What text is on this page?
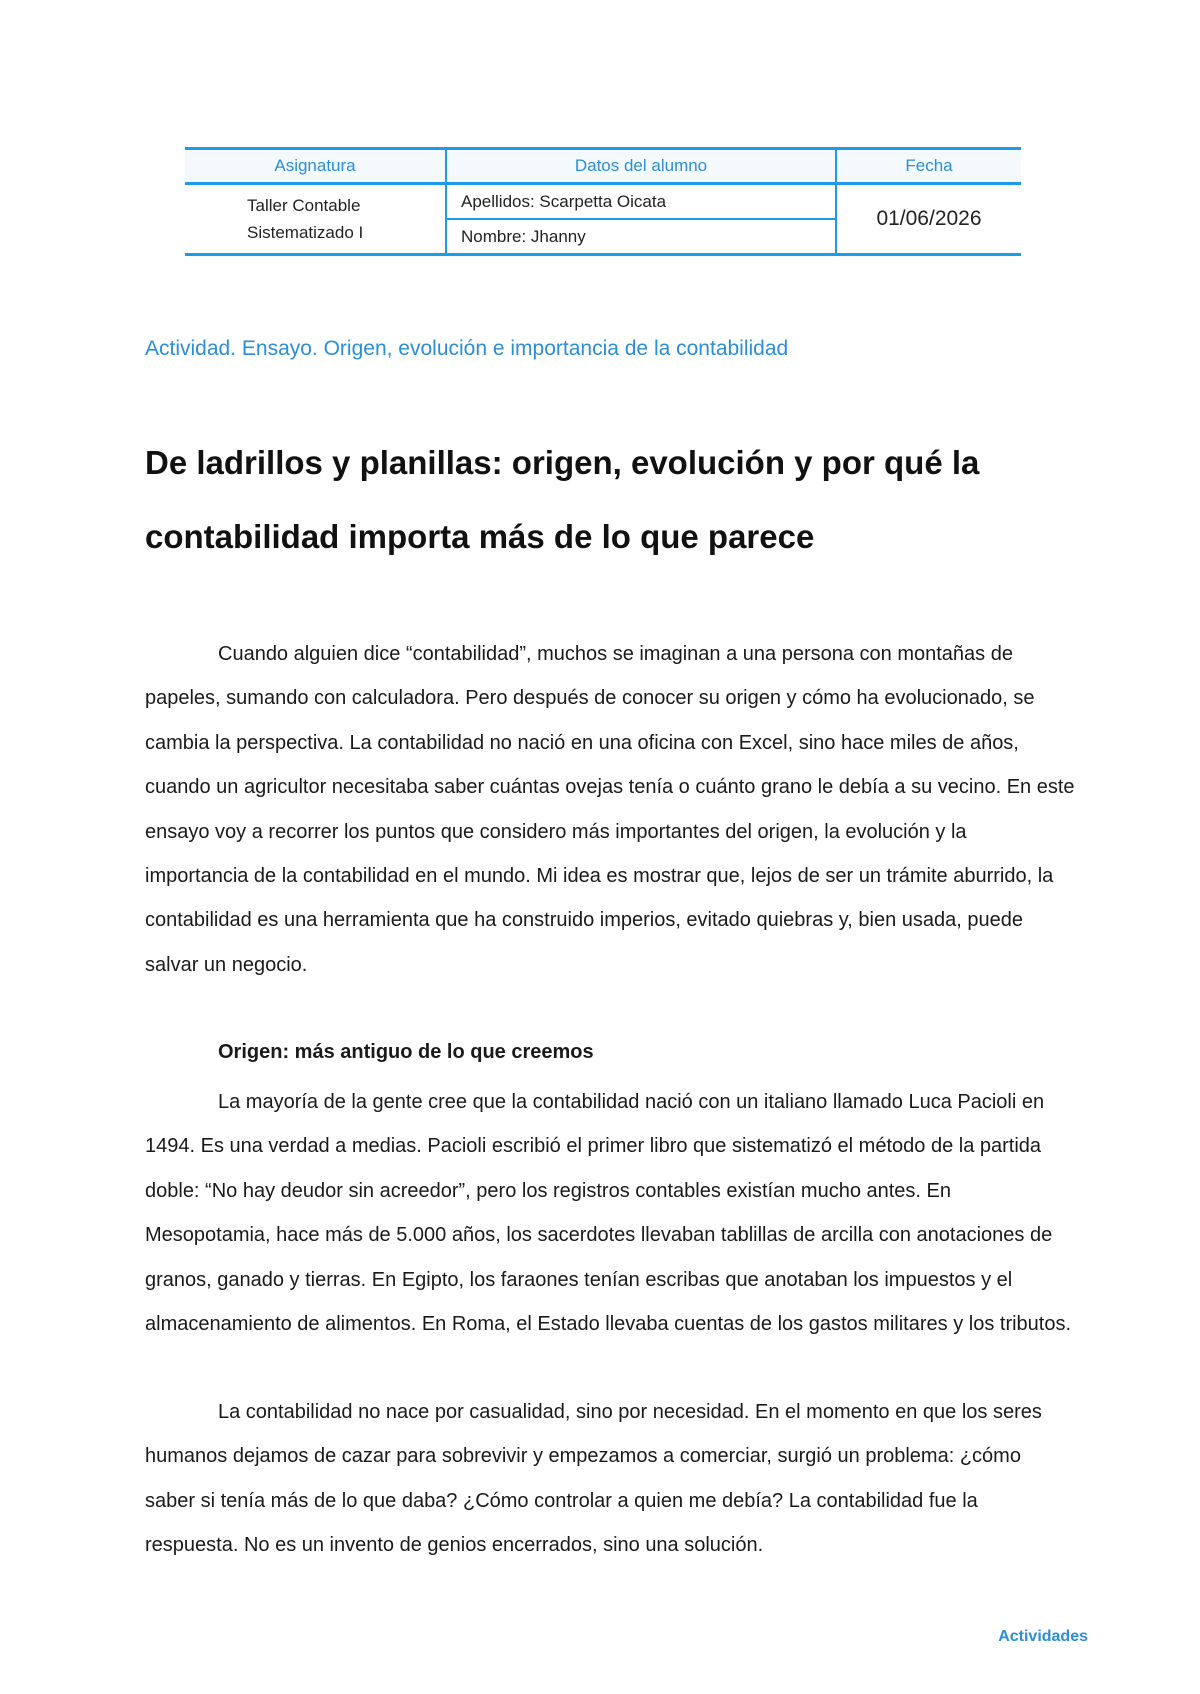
Asignatura	Datos del alumno	Fecha

Taller Contable
Sistematizado I	Apellidos: Scarpetta Oicata	01/06/2026
	Nombre: Jhanny	
Actividad. Ensayo. Origen, evolución e importancia de la contabilidad
De ladrillos y planillas: origen, evolución y por qué la contabilidad importa más de lo que parece

Cuando alguien dice “contabilidad”, muchos se imaginan a una persona con montañas de papeles, sumando con calculadora. Pero después de conocer su origen y cómo ha evolucionado, se cambia la perspectiva. La contabilidad no nació en una oficina con Excel, sino hace miles de años, cuando un agricultor necesitaba saber cuántas ovejas tenía o cuánto grano le debía a su vecino. En este ensayo voy a recorrer los puntos que considero más importantes del origen, la evolución y la importancia de la contabilidad en el mundo. Mi idea es mostrar que, lejos de ser un trámite aburrido, la contabilidad es una herramienta que ha construido imperios, evitado quiebras y, bien usada, puede salvar un negocio.

Origen: más antiguo de lo que creemos

La mayoría de la gente cree que la contabilidad nació con un italiano llamado Luca Pacioli en 1494. Es una verdad a medias. Pacioli escribió el primer libro que sistematizó el método de la partida doble: “No hay deudor sin acreedor”, pero los registros contables existían mucho antes. En Mesopotamia, hace más de 5.000 años, los sacerdotes llevaban tablillas de arcilla con anotaciones de granos, ganado y tierras. En Egipto, los faraones tenían escribas que anotaban los impuestos y el almacenamiento de alimentos. En Roma, el Estado llevaba cuentas de los gastos militares y los tributos.

La contabilidad no nace por casualidad, sino por necesidad. En el momento en que los seres humanos dejamos de cazar para sobrevivir y empezamos a comerciar, surgió un problema: ¿cómo saber si tenía más de lo que daba? ¿Cómo controlar a quien me debía? La contabilidad fue la respuesta. No es un invento de genios encerrados, sino una solución.

Actividades
